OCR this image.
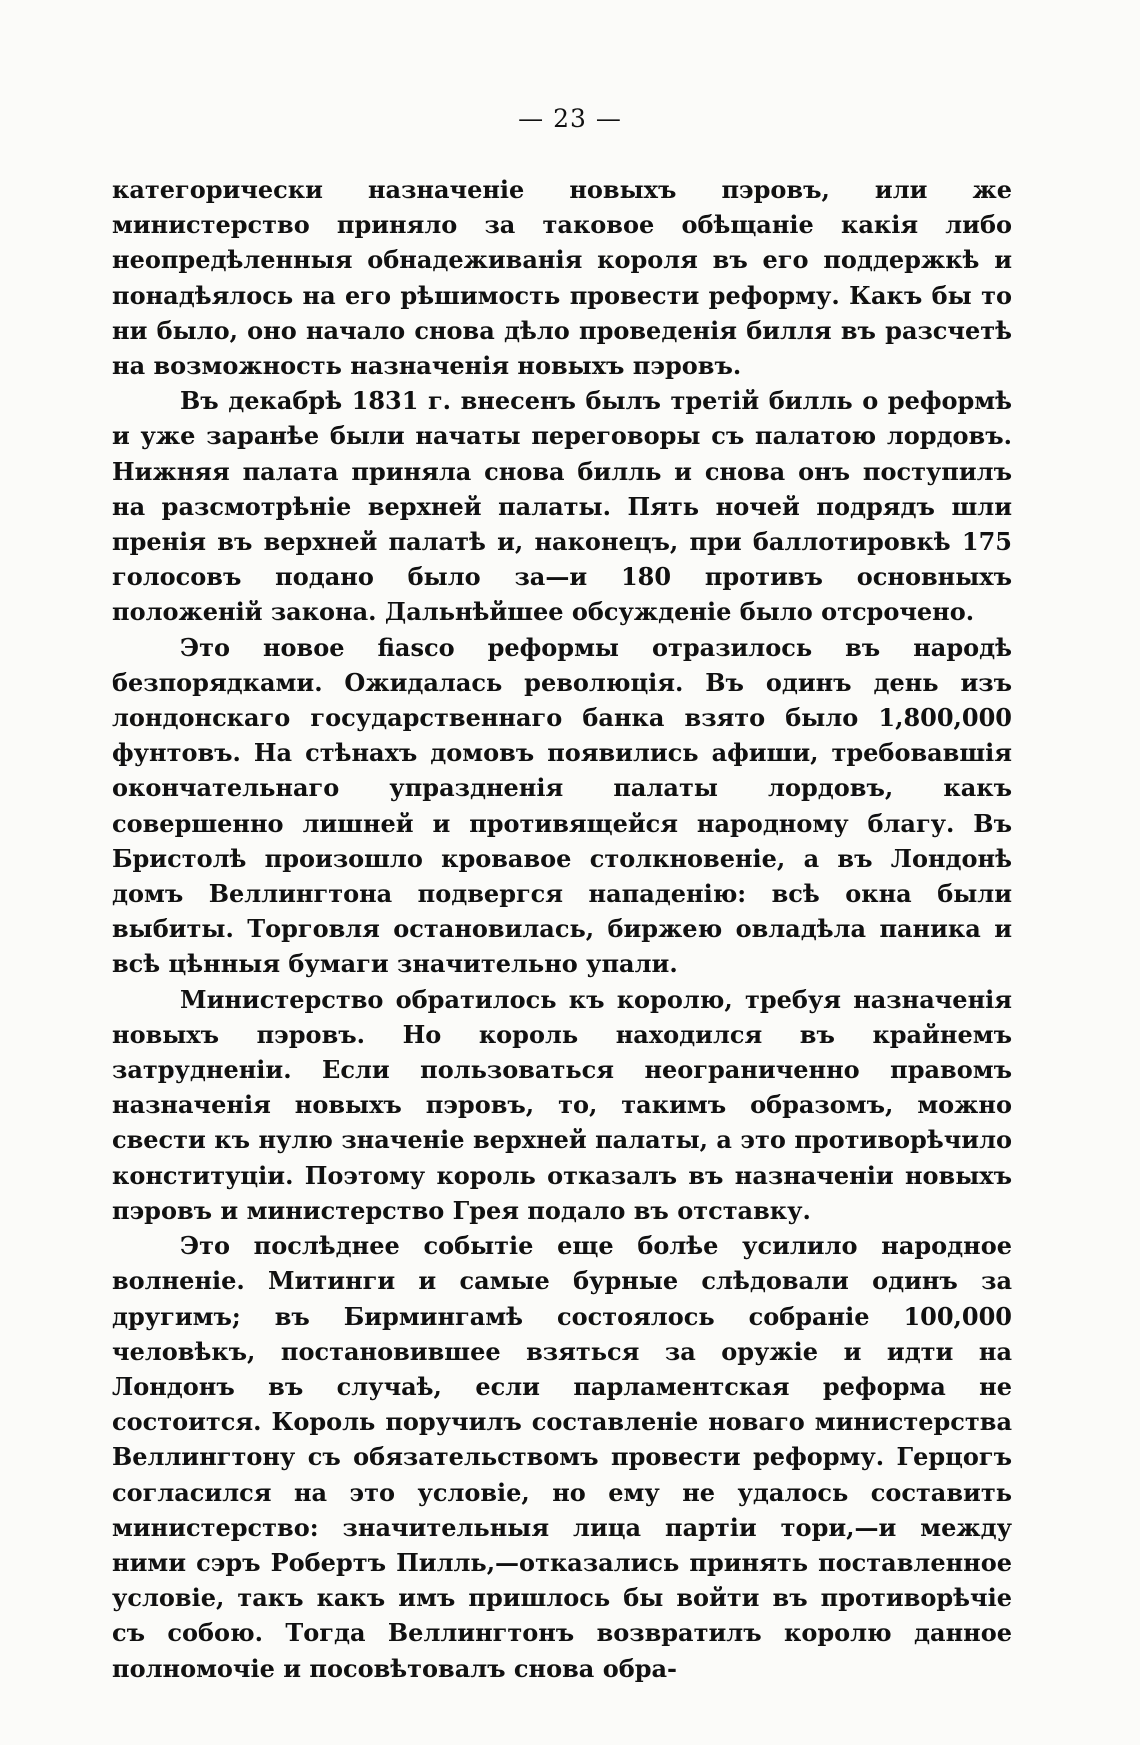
— 23 —

категорически назначеніе новыхъ пэровъ, или же министерство приняло за таковое обѣщаніе какія либо неопредѣленныя обнадеживанія короля въ его поддержкѣ и понадѣялось на его рѣшимость провести реформу. Какъ бы то ни было, оно начало снова дѣло проведенія билля въ разсчетѣ на возможность назначенія новыхъ пэровъ.

Въ декабрѣ 1831 г. внесенъ былъ третій билль о реформѣ и уже заранѣе были начаты переговоры съ палатою лордовъ. Нижняя палата приняла снова билль и снова онъ поступилъ на разсмотрѣніе верхней палаты. Пять ночей подрядъ шли пренія въ верхней палатѣ и, наконецъ, при баллотировкѣ 175 голосовъ подано было за—и 180 противъ основныхъ положеній закона. Дальнѣйшее обсужденіе было отсрочено.

Это новое fiasco реформы отразилось въ народѣ безпорядками. Ожидалась революція. Въ одинъ день изъ лондонскаго государственнаго банка взято было 1,800,000 фунтовъ. На стѣнахъ домовъ появились афиши, требовавшія окончательнаго упраздненія палаты лордовъ, какъ совершенно лишней и противящейся народному благу. Въ Бристолѣ произошло кровавое столкновеніе, а въ Лондонѣ домъ Веллингтона подвергся нападенію: всѣ окна были выбиты. Торговля остановилась, биржею овладѣла паника и всѣ цѣнныя бумаги значительно упали.

Министерство обратилось къ королю, требуя назначенія новыхъ пэровъ. Но король находился въ крайнемъ затрудненіи. Если пользоваться неограниченно правомъ назначенія новыхъ пэровъ, то, такимъ образомъ, можно свести къ нулю значеніе верхней палаты, а это противорѣчило конституціи. Поэтому король отказалъ въ назначеніи новыхъ пэровъ и министерство Грея подало въ отставку.

Это послѣднее событіе еще болѣе усилило народное волненіе. Митинги и самые бурные слѣдовали одинъ за другимъ; въ Бирмингамѣ состоялось собраніе 100,000 человѣкъ, постановившее взяться за оружіе и идти на Лондонъ въ случаѣ, если парламентская реформа не состоится. Король поручилъ составленіе новаго министерства Веллингтону съ обязательствомъ провести реформу. Герцогъ согласился на это условіе, но ему не удалось составить министерство: значительныя лица партіи тори,—и между ними сэръ Робертъ Пилль,—отказались принять поставленное условіе, такъ какъ имъ пришлось бы войти въ противорѣчіе съ собою. Тогда Веллингтонъ возвратилъ королю данное полномочіе и посовѣтовалъ снова обра-
